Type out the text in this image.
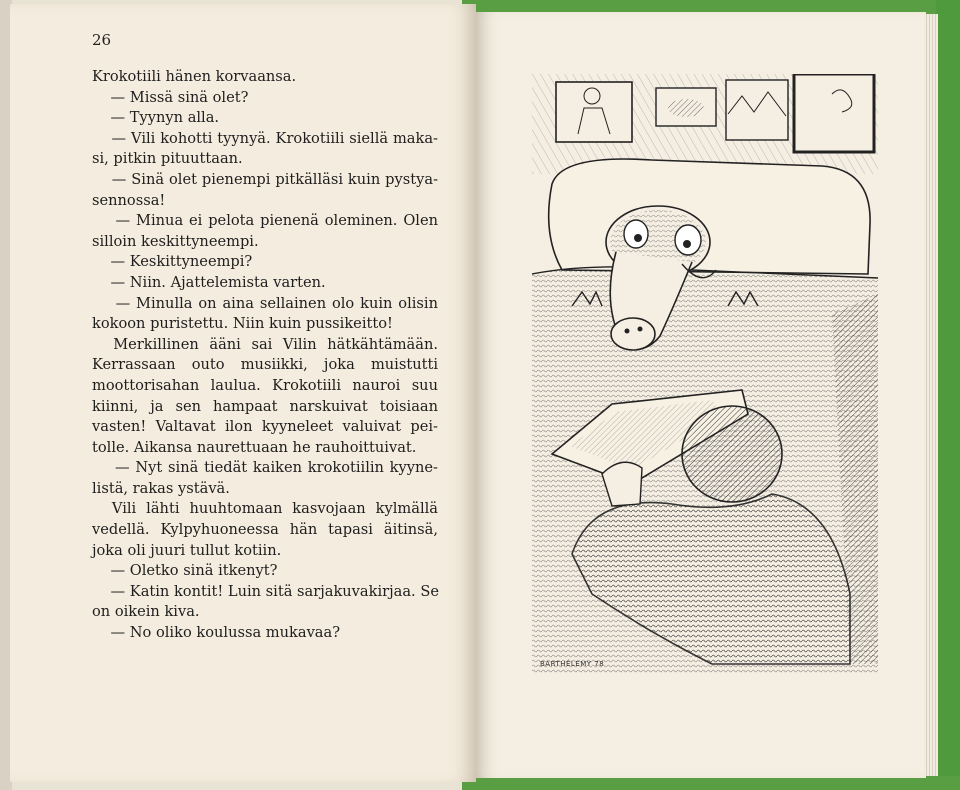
26
Krokotiili hänen korvaansa.
— Missä sinä olet?
— Tyynyn alla.
— Vili kohotti tyynyä. Krokotiili siellä maka-
si, pitkin pituuttaan.
— Sinä olet pienempi pitkälläsi kuin pystya-
sennossa!
— Minua ei pelota pienenä oleminen. Olen
silloin keskittyneempi.
— Keskittyneempi?
— Niin. Ajattelemista varten.
— Minulla on aina sellainen olo kuin olisin
kokoon puristettu. Niin kuin pussikeitto!
Merkillinen ääni sai Vilin hätkähtämään.
Kerrassaan outo musiikki, joka muistutti
moottorisahan laulua. Krokotiili nauroi suu
kiinni, ja sen hampaat narskuivat toisiaan
vasten! Valtavat ilon kyyneleet valuivat pei-
tolle. Aikansa naurettuaan he rauhoittuivat.
— Nyt sinä tiedät kaiken krokotiilin kyyne-
listä, rakas ystävä.
Vili lähti huuhtomaan kasvojaan kylmällä
vedellä. Kylpyhuoneessa hän tapasi äitinsä,
joka oli juuri tullut kotiin.
— Oletko sinä itkenyt?
— Katin kontit! Luin sitä sarjakuvakirjaa. Se
on oikein kiva.
— No oliko koulussa mukavaa?
BARTHÉLEMY 78
